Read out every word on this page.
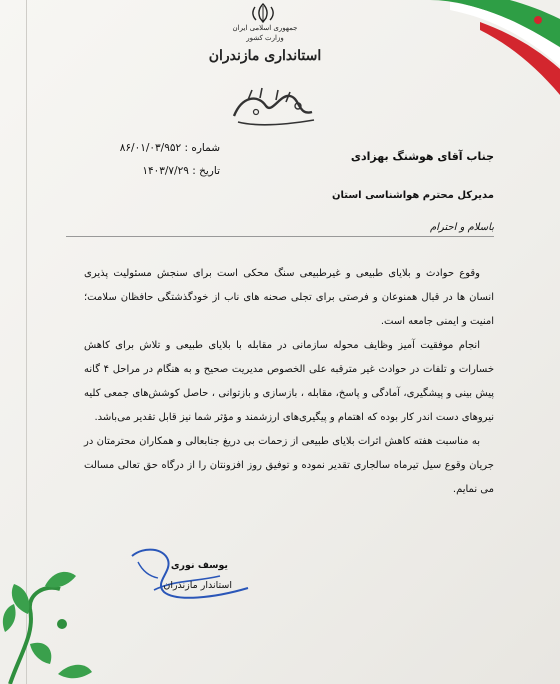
جمهوری اسلامی ایران
وزارت کشور
استانداری مازندران
شماره : ۸۶/۰۱/۰۳/۹۵۲
تاریخ : ۱۴۰۳/۷/۲۹
جناب آقای هوشنگ بهزادی
مدیرکل محترم هواشناسی استان
باسلام و احترام

وقوع حوادث و بلایای طبیعی و غیرطبیعی سنگ محکی است برای سنجش مسئولیت پذیری انسان ها در قبال همنوعان و فرصتی برای تجلی صحنه های ناب از خودگذشتگی حافظان سلامت؛ امنیت و ایمنی جامعه است.

انجام موفقیت آمیز وظایف محوله سازمانی در مقابله با بلایای طبیعی و تلاش برای کاهش خسارات و تلفات در حوادث غیر مترقبه علی الخصوص مدیریت صحیح و به هنگام در مراحل ۴ گانه پیش بینی و پیشگیری، آمادگی و پاسخ، مقابله ، بازسازی و بازتوانی ، حاصل کوشش‌های جمعی کلیه نیروهای دست اندر کار بوده که اهتمام و پیگیری‌های ارزشمند و مؤثر شما نیز قابل تقدیر می‌باشد.

به مناسبت هفته کاهش اثرات بلایای طبیعی از زحمات بی دریغ جنابعالی و همکاران محترمتان در جریان وقوع سیل تیرماه سالجاری تقدیر نموده و توفیق روز افزونتان را از درگاه حق تعالی مسالت می نمایم.

یوسف نوری
استاندار مازندران
